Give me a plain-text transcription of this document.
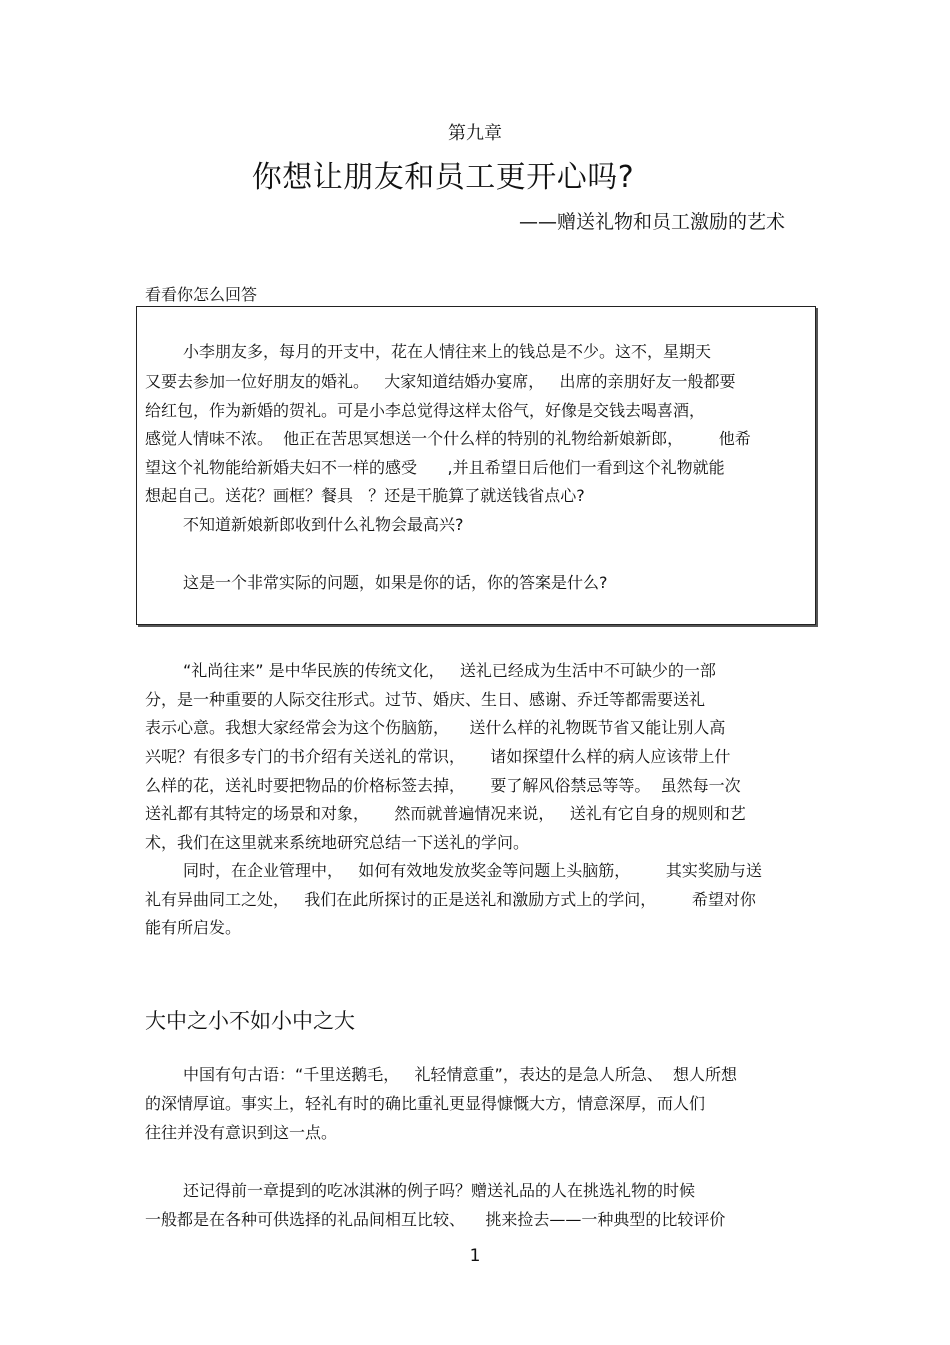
第九章
你想让朋友和员工更开心吗?
——赠送礼物和员工激励的艺术
看看你怎么回答
小李朋友多，每月的开支中，花在人情往来上的钱总是不少。这不，星期天
又要去参加一位好朋友的婚礼。   大家知道结婚办宴席，   出席的亲朋好友一般都要
给红包，作为新婚的贺礼。可是小李总觉得这样太俗气，好像是交钱去喝喜酒，
感觉人情味不浓。  他正在苦思冥想送一个什么样的特别的礼物给新娘新郎，       他希
望这个礼物能给新婚夫妇不一样的感受      ,并且希望日后他们一看到这个礼物就能
想起自己。送花？画框？餐具   ？还是干脆算了就送钱省点心?
不知道新娘新郎收到什么礼物会最高兴?
这是一个非常实际的问题，如果是你的话，你的答案是什么?
“礼尚往来” 是中华民族的传统文化，   送礼已经成为生活中不可缺少的一部
分，是一种重要的人际交往形式。过节、婚庆、生日、感谢、乔迁等都需要送礼
表示心意。我想大家经常会为这个伤脑筋，    送什么样的礼物既节省又能让别人高
兴呢？有很多专门的书介绍有关送礼的常识，     诸如探望什么样的病人应该带上什
么样的花，送礼时要把物品的价格标签去掉，     要了解风俗禁忌等等。  虽然每一次
送礼都有其特定的场景和对象，     然而就普遍情况来说，   送礼有它自身的规则和艺
术，我们在这里就来系统地研究总结一下送礼的学问。
同时，在企业管理中，   如何有效地发放奖金等问题上头脑筋，       其实奖励与送
礼有异曲同工之处，   我们在此所探讨的正是送礼和激励方式上的学问，       希望对你
能有所启发。
大中之小不如小中之大
中国有句古语：“千里送鹅毛，   礼轻情意重”，表达的是急人所急、  想人所想
的深情厚谊。事实上，轻礼有时的确比重礼更显得慷慨大方，情意深厚，而人们
往往并没有意识到这一点。
还记得前一章提到的吃冰淇淋的例子吗？赠送礼品的人在挑选礼物的时候
一般都是在各种可供选择的礼品间相互比较、    挑来捡去——一种典型的比较评价
1
